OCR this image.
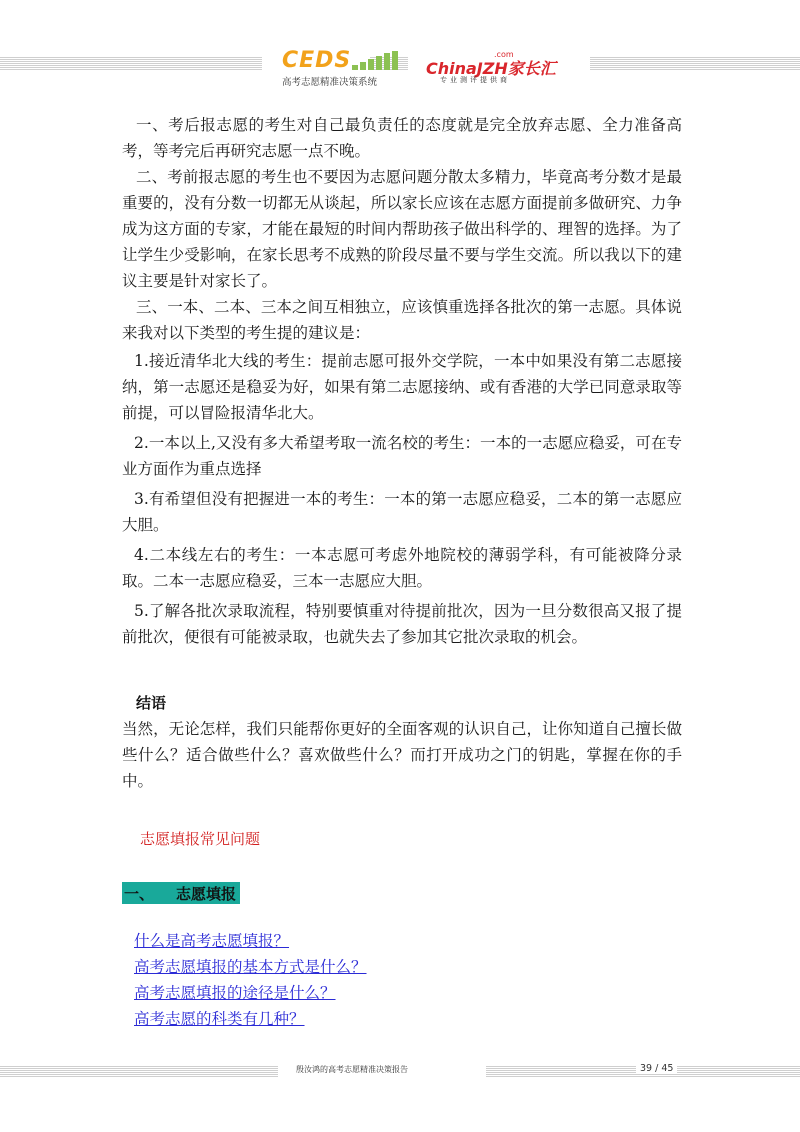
CEDS
高考志愿精准决策系统
.com
ChinaJZH家长汇
专业测评提供商

一、考后报志愿的考生对自己最负责任的态度就是完全放弃志愿、全力准备高考，等考完后再研究志愿一点不晚。

二、考前报志愿的考生也不要因为志愿问题分散太多精力，毕竟高考分数才是最重要的，没有分数一切都无从谈起，所以家长应该在志愿方面提前多做研究、力争成为这方面的专家，才能在最短的时间内帮助孩子做出科学的、理智的选择。为了让学生少受影响，在家长思考不成熟的阶段尽量不要与学生交流。所以我以下的建议主要是针对家长了。

三、一本、二本、三本之间互相独立，应该慎重选择各批次的第一志愿。具体说来我对以下类型的考生提的建议是：

1.接近清华北大线的考生：提前志愿可报外交学院，一本中如果没有第二志愿接纳，第一志愿还是稳妥为好，如果有第二志愿接纳、或有香港的大学已同意录取等前提，可以冒险报清华北大。

2.一本以上,又没有多大希望考取一流名校的考生：一本的一志愿应稳妥，可在专业方面作为重点选择

3.有希望但没有把握进一本的考生：一本的第一志愿应稳妥，二本的第一志愿应大胆。

4.二本线左右的考生：一本志愿可考虑外地院校的薄弱学科，有可能被降分录取。二本一志愿应稳妥，三本一志愿应大胆。

5.了解各批次录取流程，特别要慎重对待提前批次，因为一旦分数很高又报了提前批次，便很有可能被录取，也就失去了参加其它批次录取的机会。

结语

当然，无论怎样，我们只能帮你更好的全面客观的认识自己，让你知道自己擅长做些什么？适合做些什么？喜欢做些什么？而打开成功之门的钥匙，掌握在你的手中。

志愿填报常见问题
一、 志愿填报
什么是高考志愿填报？
高考志愿填报的基本方式是什么？
高考志愿填报的途径是什么？
高考志愿的科类有几种？
殷汝鸿的高考志愿精准决策报告	39 / 45
